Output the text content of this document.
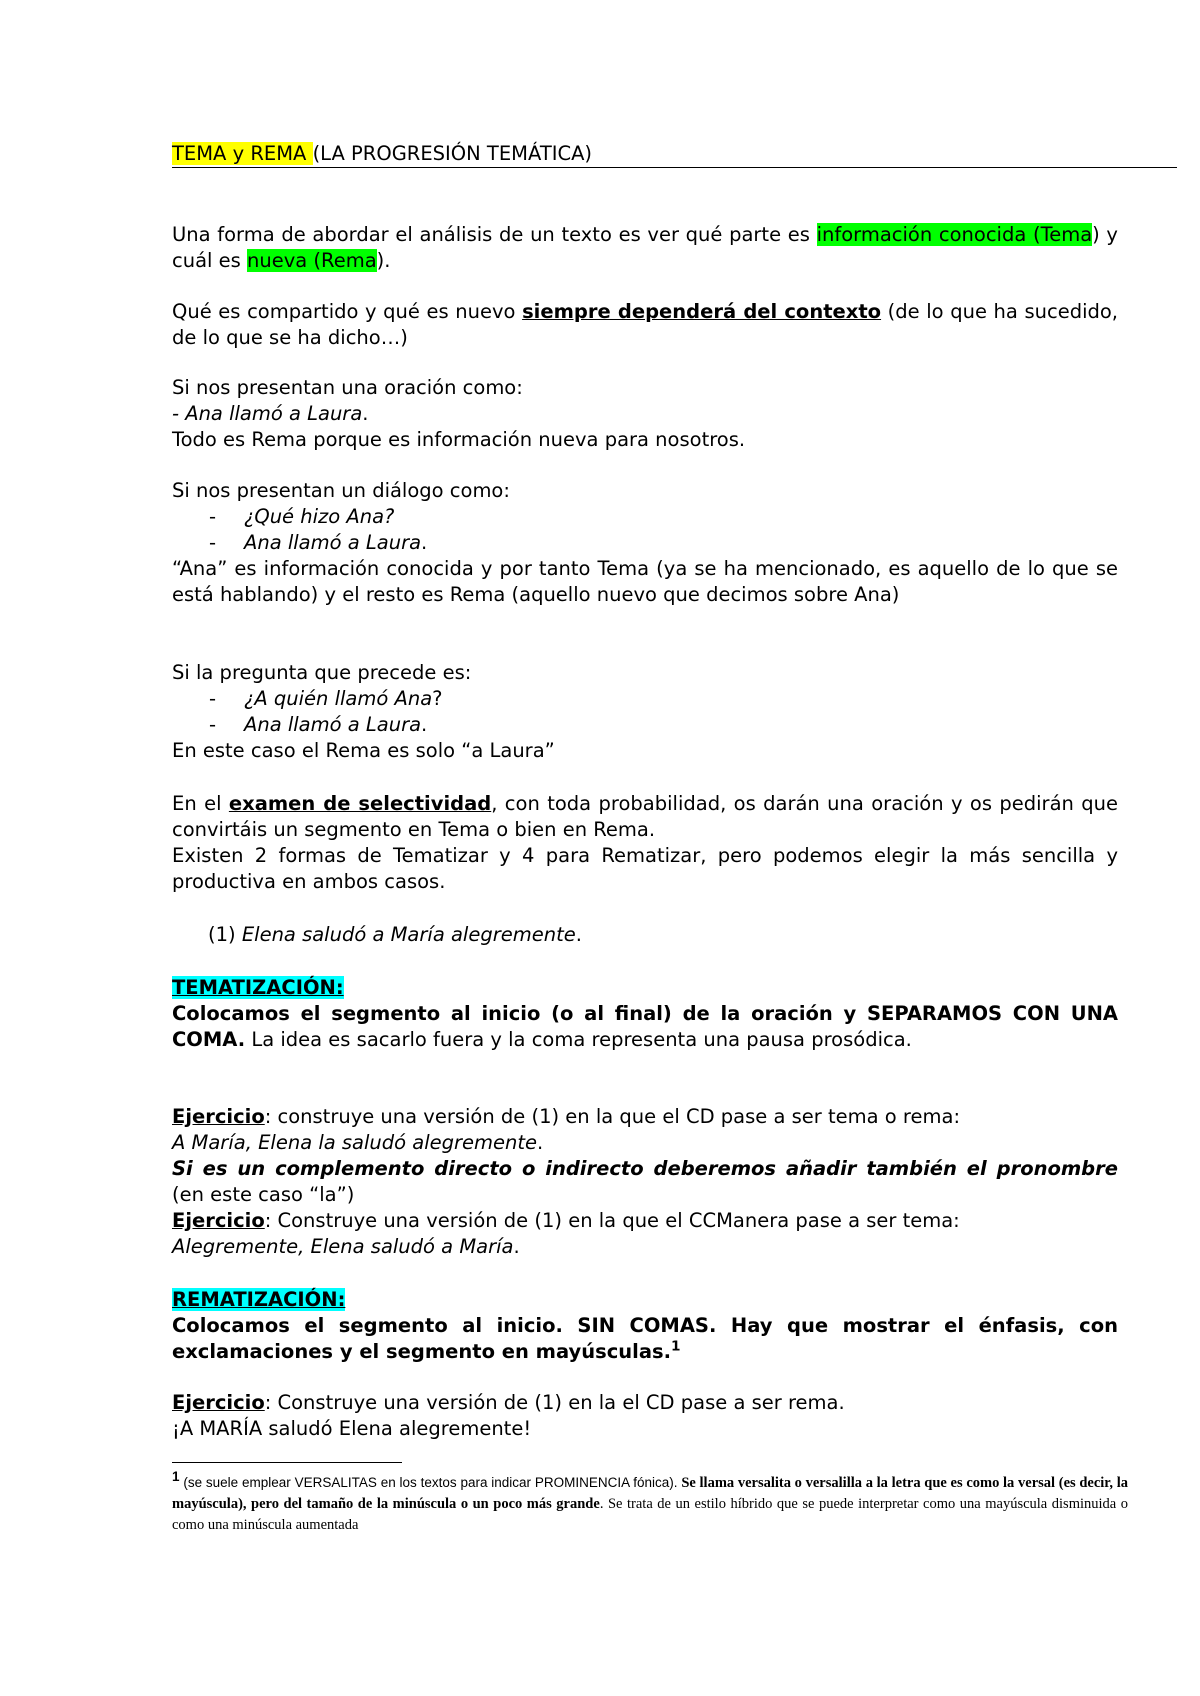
TEMA y REMA (LA PROGRESIÓN TEMÁTICA)

Una forma de abordar el análisis de un texto es ver qué parte es información conocida (Tema) y cuál es nueva (Rema).

Qué es compartido y qué es nuevo siempre dependerá del contexto (de lo que ha sucedido, de lo que se ha dicho…)

Si nos presentan una oración como:
- Ana llamó a Laura.
Todo es Rema porque es información nueva para nosotros.

Si nos presentan un diálogo como:

- ¿Qué hizo Ana?
- Ana llamó a Laura.

“Ana” es información conocida y por tanto Tema (ya se ha mencionado, es aquello de lo que se está hablando) y el resto es Rema (aquello nuevo que decimos sobre Ana)

Si la pregunta que precede es:

- ¿A quién llamó Ana?
- Ana llamó a Laura.

En este caso el Rema es solo “a Laura”

En el examen de selectividad, con toda probabilidad, os darán una oración y os pedirán que convirtáis un segmento en Tema o bien en Rema.

Existen 2 formas de Tematizar y 4 para Rematizar, pero podemos elegir la más sencilla y productiva en ambos casos.

(1) Elena saludó a María alegremente.

TEMATIZACIÓN:

Colocamos el segmento al inicio (o al final) de la oración y SEPARAMOS CON UNA COMA. La idea es sacarlo fuera y la coma representa una pausa prosódica.

Ejercicio: construye una versión de (1) en la que el CD pase a ser tema o rema:

A María, Elena la saludó alegremente.

Si es un complemento directo o indirecto deberemos añadir también el pronombre (en este caso “la”)

Ejercicio: Construye una versión de (1) en la que el CCManera pase a ser tema:

Alegremente, Elena saludó a María.

REMATIZACIÓN:

Colocamos el segmento al inicio. SIN COMAS. Hay que mostrar el énfasis, con exclamaciones y el segmento en mayúsculas.$^1$

Ejercicio: Construye una versión de (1) en la el CD pase a ser rema.

¡A MARÍA saludó Elena alegremente!

$^1$ (se suele emplear VERSALITAS en los textos para indicar PROMINENCIA fónica). Se llama versalita o versalilla a la letra que es como la versal (es decir, la mayúscula), pero del tamaño de la minúscula o un poco más grande. Se trata de un estilo híbrido que se puede interpretar como una mayúscula disminuida o como una minúscula aumentada
